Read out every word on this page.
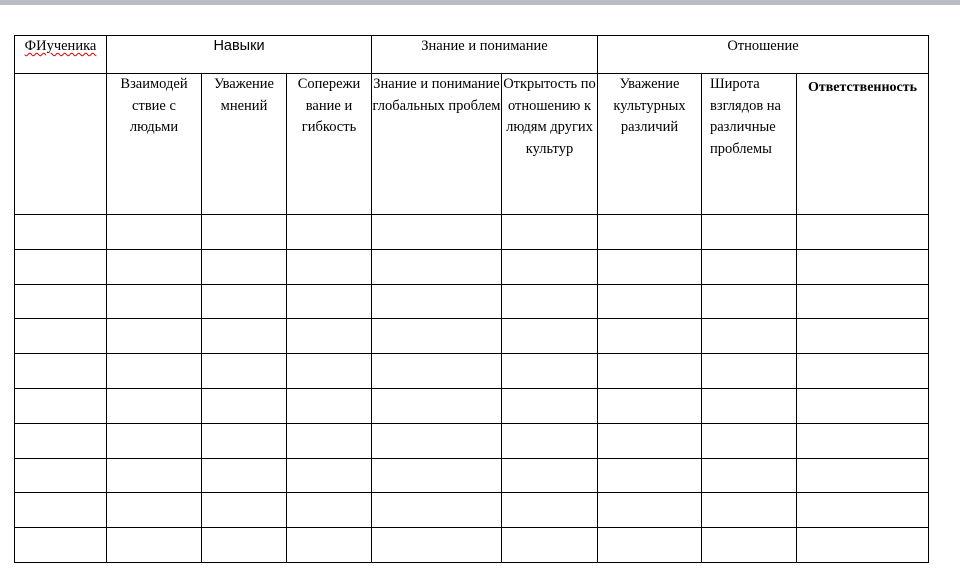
ФИученика	Навыки			Знание и понимание		Отношение		
	Взаимодей ствие с людьми	Уважение мнений	Сопережи вание и гибкость	Знание и понимание глобальных проблем	Открытость по отношению к людям других культур	Уважение культурных различий	Широта взглядов на различные проблемы	Ответственность
